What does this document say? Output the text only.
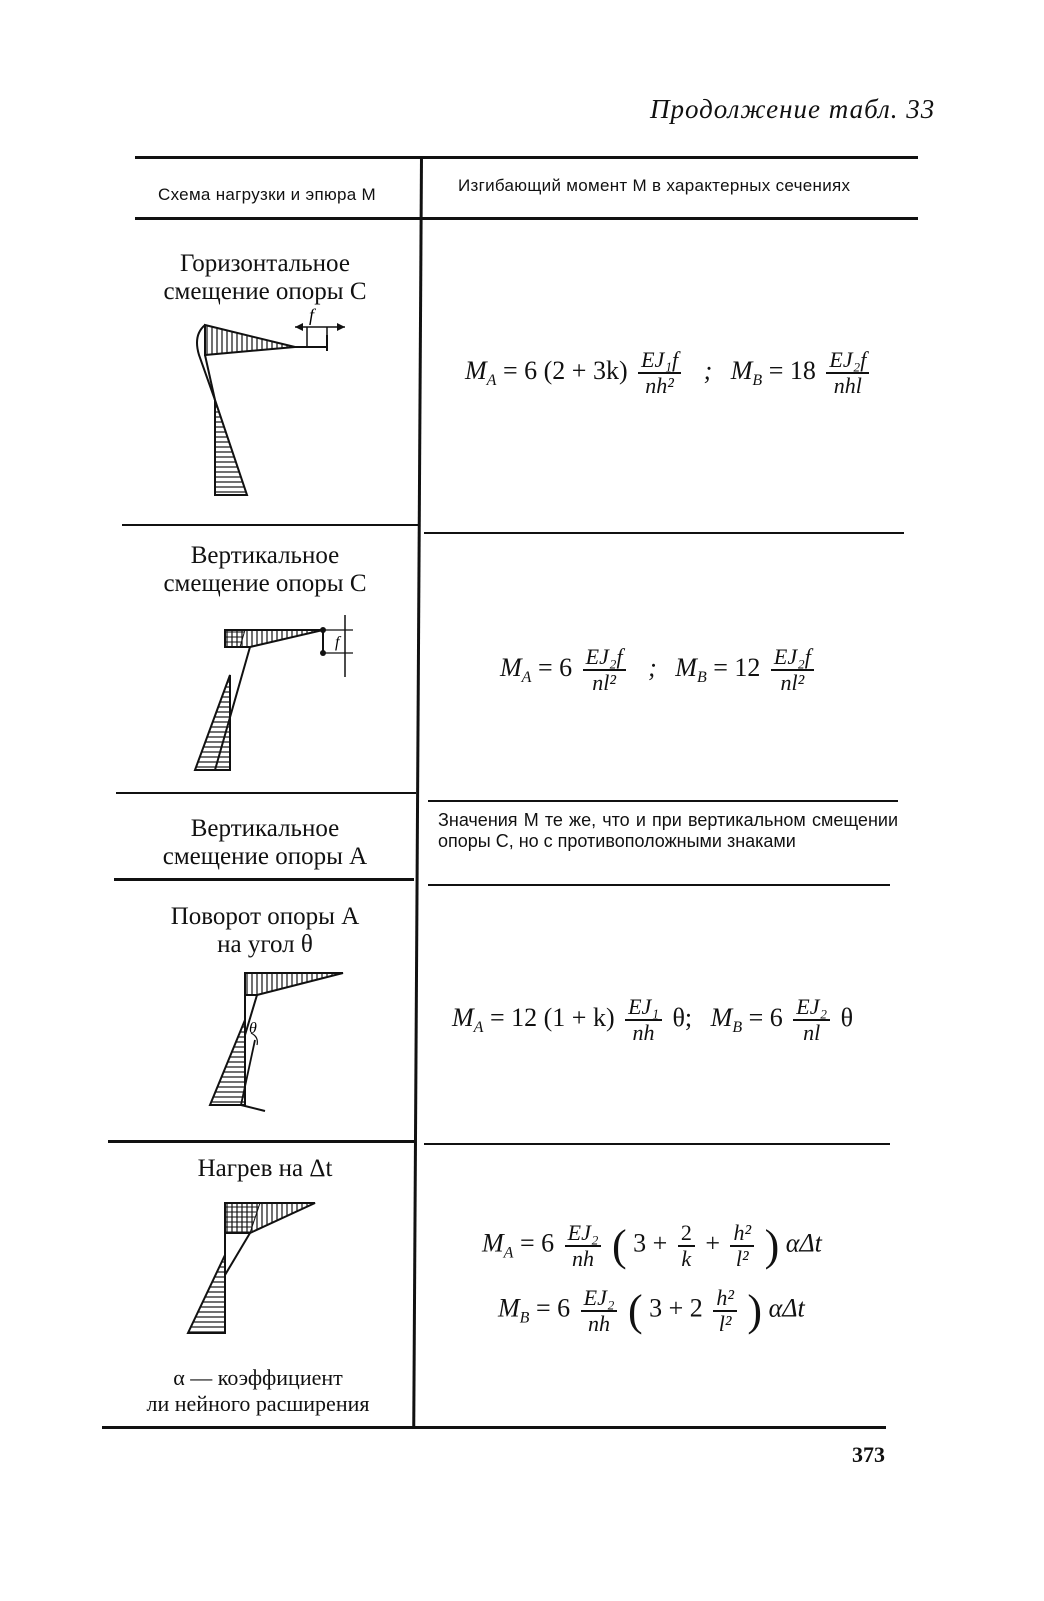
Продолжение табл. 33
Схема нагрузки и эпюра M	Изгибающий момент M в характерных сечениях
Горизонтальное
смещение опоры C
f
$M_A = 6$ $(2 + 3k) \frac{\text{EJ₁f}}{\text{nh²}}$ ; $M_B = 18 \frac{\text{EJ₂f}}{\text{nhl}}$
Вертикальное
смещение опоры C
f
$M_A = 6 \frac{\text{EJ₂f}}{\text{nl²}}$ ; $M_B = 12 \frac{\text{EJ₂f}}{\text{nl²}}$
Вертикальное
смещение опоры A
Значения M те же, что и при вертикальном смещении опоры C, но с противоположными знаками
Поворот опоры A
на угол θ
θ	$M_A = 12$ $(1 + k) \frac{\text{EJ₁}}{nh} \theta$; $M_B = 6 \frac{\text{EJ₂}}{nl}$ θ
Нагрев на Δt
$M_A = 6 \frac{\text{EJ₂}}{nh}$ ( $3 + \frac{2}{k} + \frac{\text{h²}}{\text{l²}}$ ) αΔt
$M_B = 6 \frac{\text{EJ₂}}{nh}$ ( $3 + 2 \frac{\text{h²}}{\text{l²}}$ ) αΔt
α — коэффициент
ли нейного расширения
373
